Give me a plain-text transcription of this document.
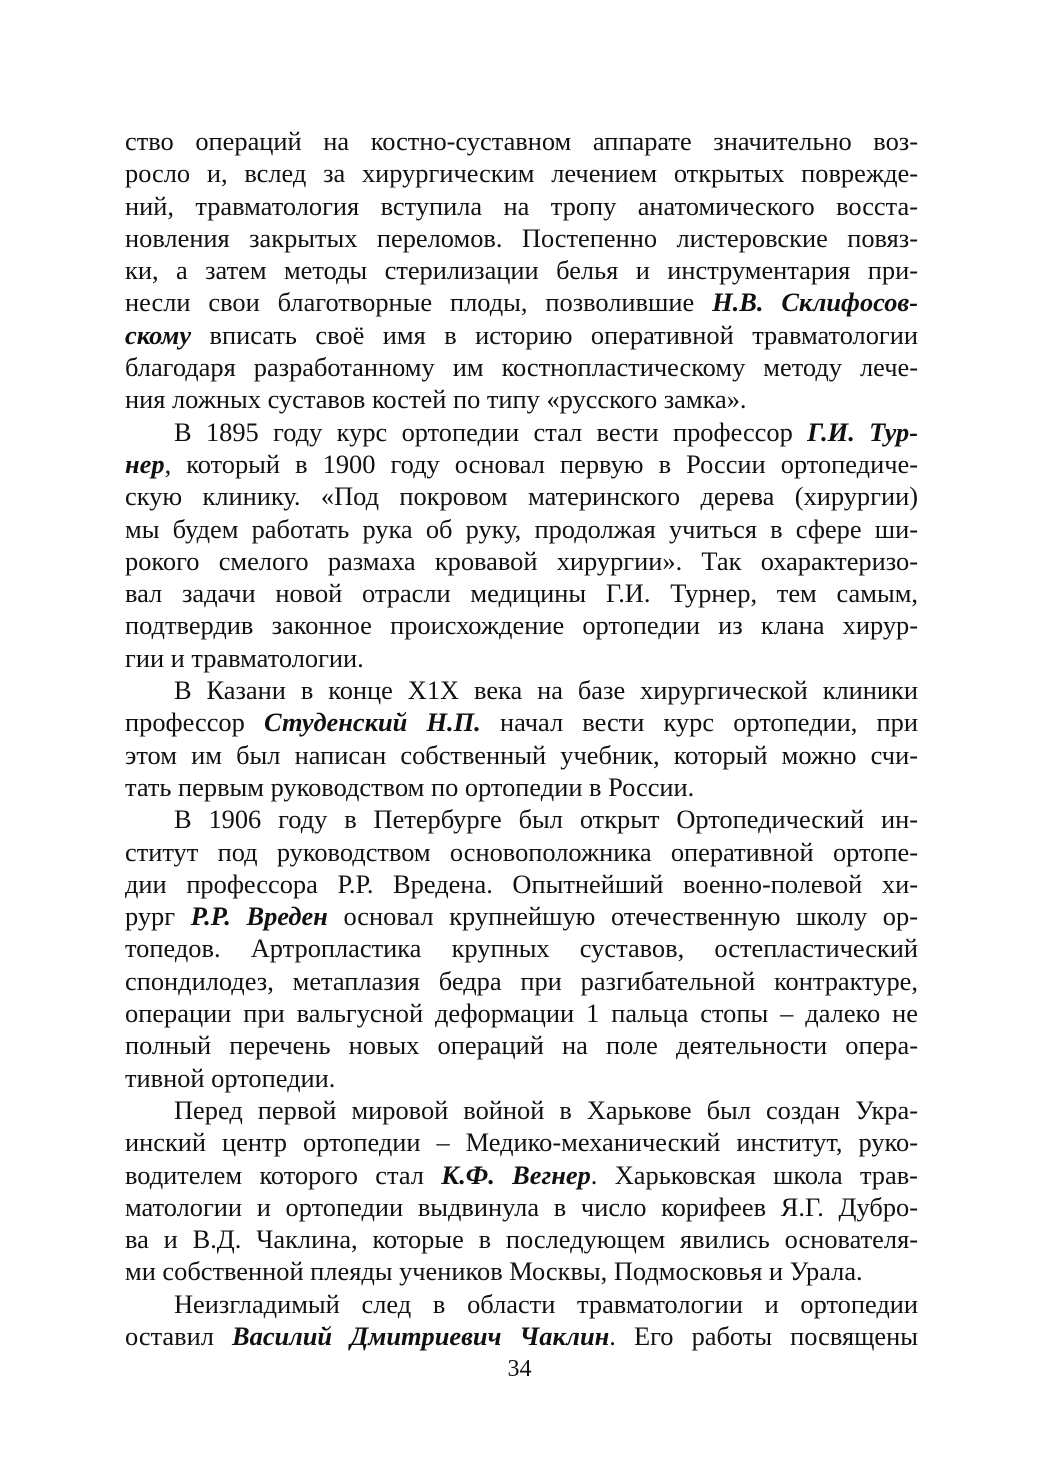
ство операций на костно-суставном аппарате значительно воз-
росло и, вслед за хирургическим лечением открытых поврежде-
ний, травматология вступила на тропу анатомического восста-
новления закрытых переломов. Постепенно листеровские повяз-
ки, а затем методы стерилизации белья и инструментария при-
несли свои благотворные плоды, позволившие Н.В. Склифосов-
скому вписать своё имя в историю оперативной травматологии
благодаря разработанному им костнопластическому методу лече-
ния ложных суставов костей по типу «русского замка».
В 1895 году курс ортопедии стал вести профессор Г.И. Тур-
нер, который в 1900 году основал первую в России ортопедиче-
скую клинику. «Под покровом материнского дерева (хирургии)
мы будем работать рука об руку, продолжая учиться в сфере ши-
рокого смелого размаха кровавой хирургии». Так охарактеризо-
вал задачи новой отрасли медицины Г.И. Турнер, тем самым,
подтвердив законное происхождение ортопедии из клана хирур-
гии и травматологии.
В Казани в конце Х1Х века на базе хирургической клиники
профессор Студенский Н.П. начал вести курс ортопедии, при
этом им был написан собственный учебник, который можно счи-
тать первым руководством по ортопедии в России.
В 1906 году в Петербурге был открыт Ортопедический ин-
ститут под руководством основоположника оперативной ортопе-
дии профессора Р.Р. Вредена. Опытнейший военно-полевой хи-
рург Р.Р. Вреден основал крупнейшую отечественную школу ор-
топедов. Артропластика крупных суставов, остепластический
спондилодез, метаплазия бедра при разгибательной контрактуре,
операции при вальгусной деформации 1 пальца стопы – далеко не
полный перечень новых операций на поле деятельности опера-
тивной ортопедии.
Перед первой мировой войной в Харькове был создан Укра-
инский центр ортопедии – Медико-механический институт, руко-
водителем которого стал К.Ф. Вегнер. Харьковская школа трав-
матологии и ортопедии выдвинула в число корифеев Я.Г. Дубро-
ва и В.Д. Чаклина, которые в последующем явились основателя-
ми собственной плеяды учеников Москвы, Подмосковья и Урала.
Неизгладимый след в области травматологии и ортопедии
оставил Василий Дмитриевич Чаклин. Его работы посвящены
34
